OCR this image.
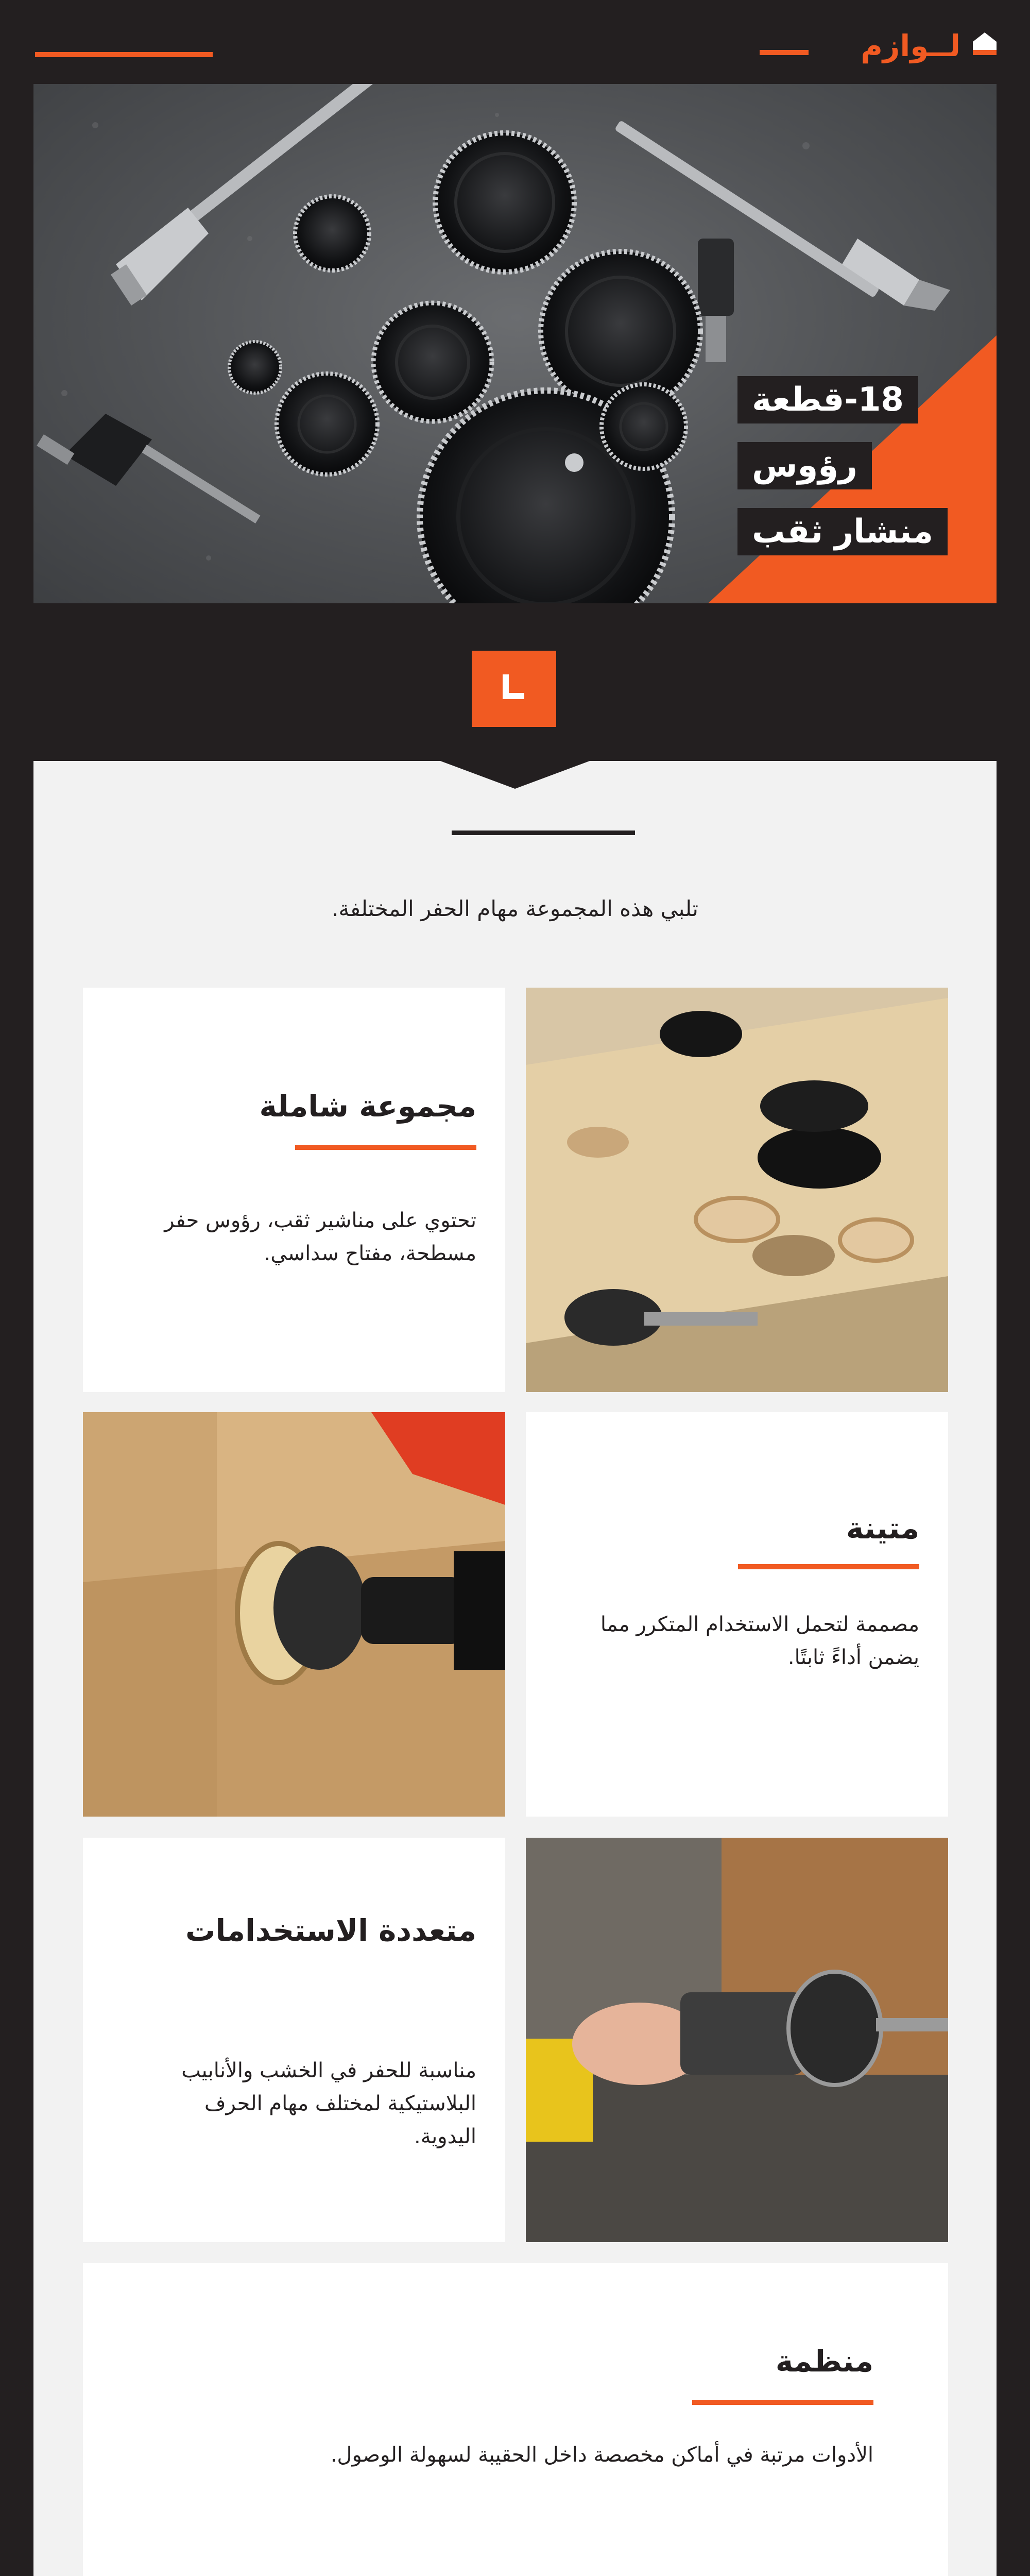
لــوازم
18-قطعة
رؤوس
منشار ثقب
تلبي هذه المجموعة مهام الحفر المختلفة.
مجموعة شاملة
تحتوي على مناشير ثقب، رؤوس حفر مسطحة، مفتاح سداسي.
متينة
مصممة لتحمل الاستخدام المتكرر مما يضمن أداءً ثابتًا.
متعددة الاستخدامات
مناسبة للحفر في الخشب والأنابيب البلاستيكية لمختلف مهام الحرف اليدوية.
منظمة
الأدوات مرتبة في أماكن مخصصة داخل الحقيبة لسهولة الوصول.
